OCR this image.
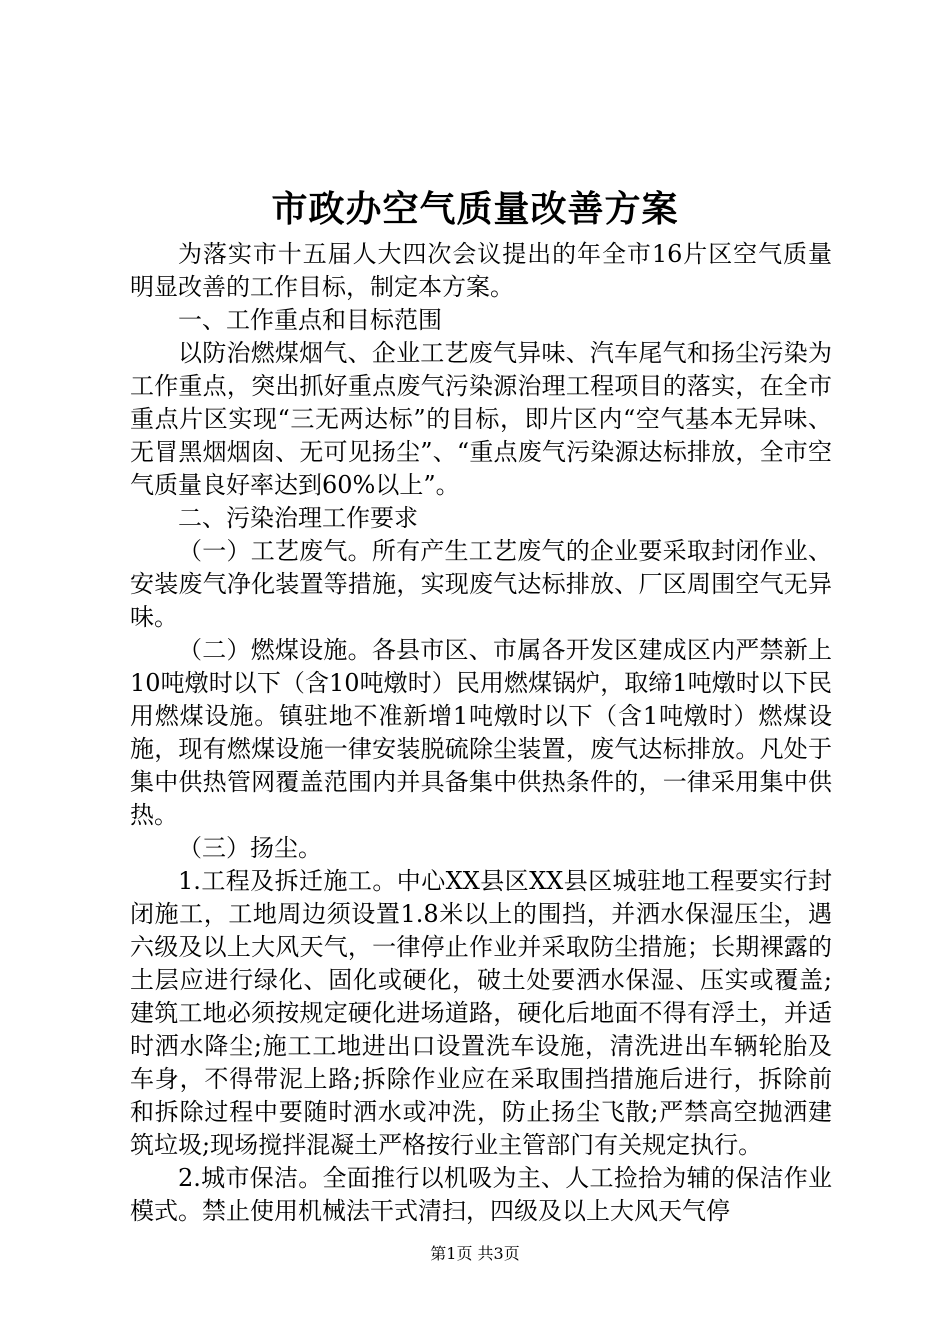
市政办空气质量改善方案

为落实市十五届人大四次会议提出的年全市16片区空气质量明显改善的工作目标，制定本方案。

一、工作重点和目标范围

以防治燃煤烟气、企业工艺废气异味、汽车尾气和扬尘污染为工作重点，突出抓好重点废气污染源治理工程项目的落实，在全市重点片区实现“三无两达标”的目标，即片区内“空气基本无异味、无冒黑烟烟囱、无可见扬尘”、“重点废气污染源达标排放，全市空气质量良好率达到60%以上”。

二、污染治理工作要求

（一）工艺废气。所有产生工艺废气的企业要采取封闭作业、安装废气净化装置等措施，实现废气达标排放、厂区周围空气无异味。

（二）燃煤设施。各县市区、市属各开发区建成区内严禁新上10吨燉时以下（含10吨燉时）民用燃煤锅炉，取缔1吨燉时以下民用燃煤设施。镇驻地不准新增1吨燉时以下（含1吨燉时）燃煤设施，现有燃煤设施一律安装脱硫除尘装置，废气达标排放。凡处于集中供热管网覆盖范围内并具备集中供热条件的，一律采用集中供热。

（三）扬尘。

1.工程及拆迁施工。中心XX县区XX县区城驻地工程要实行封闭施工，工地周边须设置1.8米以上的围挡，并洒水保湿压尘，遇六级及以上大风天气，一律停止作业并采取防尘措施；长期裸露的土层应进行绿化、固化或硬化，破土处要洒水保湿、压实或覆盖;建筑工地必须按规定硬化进场道路，硬化后地面不得有浮土，并适时洒水降尘;施工工地进出口设置洗车设施，清洗进出车辆轮胎及车身，不得带泥上路;拆除作业应在采取围挡措施后进行，拆除前和拆除过程中要随时洒水或冲洗，防止扬尘飞散;严禁高空抛洒建筑垃圾;现场搅拌混凝土严格按行业主管部门有关规定执行。

2.城市保洁。全面推行以机吸为主、人工捡拾为辅的保洁作业模式。禁止使用机械法干式清扫，四级及以上大风天气停

第1页 共3页
